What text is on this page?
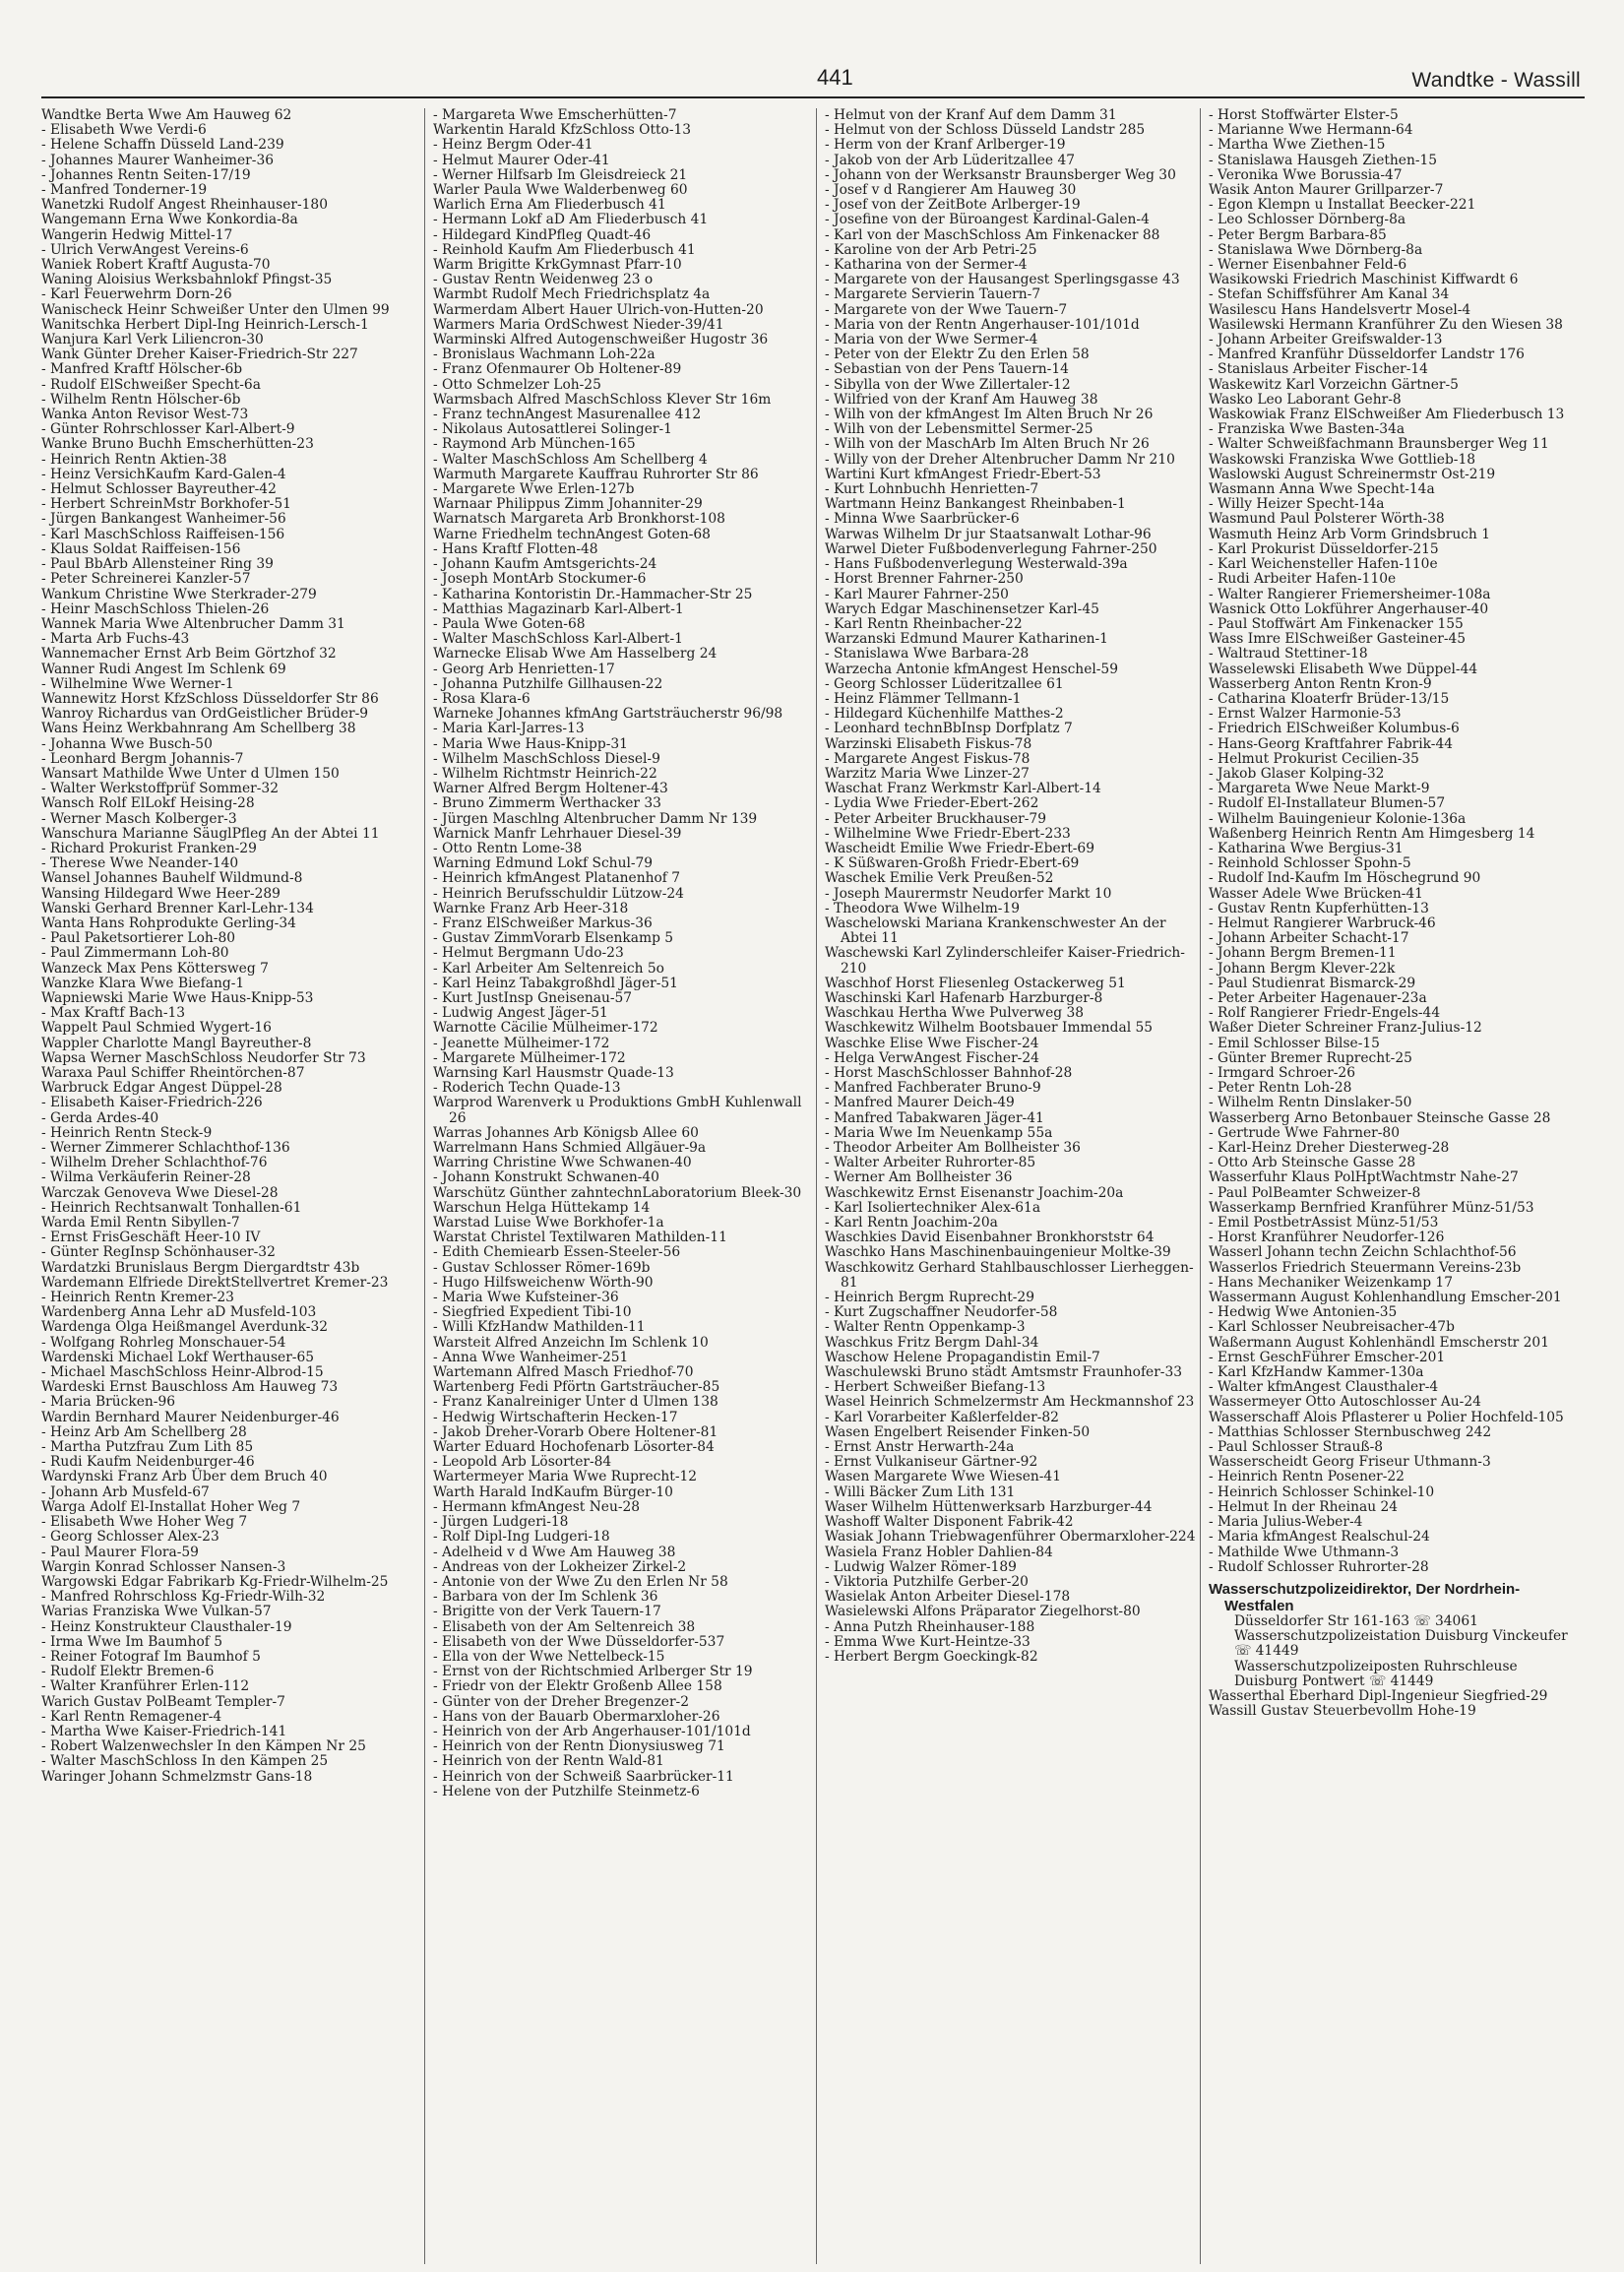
441	Wandtke - Wassill
Wandtke Berta Wwe Am Hauweg 62
- Elisabeth Wwe Verdi-6
- Helene Schaffn Düsseld Land-239
- Johannes Maurer Wanheimer-36
- Johannes Rentn Seiten-17/19
- Manfred Tonderner-19
Wanetzki Rudolf Angest Rheinhauser-180
Wangemann Erna Wwe Konkordia-8a
Wangerin Hedwig Mittel-17
- Ulrich VerwAngest Vereins-6
Waniek Robert Kraftf Augusta-70
Waning Aloisius Werksbahnlokf Pfingst-35
- Karl Feuerwehrm Dorn-26
Wanischeck Heinr Schweißer Unter den Ulmen 99
Wanitschka Herbert Dipl-Ing Heinrich-Lersch-1
Wanjura Karl Verk Liliencron-30
Wank Günter Dreher Kaiser-Friedrich-Str 227
- Manfred Kraftf Hölscher-6b
- Rudolf ElSchweißer Specht-6a
- Wilhelm Rentn Hölscher-6b
Wanka Anton Revisor West-73
- Günter Rohrschlosser Karl-Albert-9
Wanke Bruno Buchh Emscherhütten-23
- Heinrich Rentn Aktien-38
- Heinz VersichKaufm Kard-Galen-4
- Helmut Schlosser Bayreuther-42
- Herbert SchreinMstr Borkhofer-51
- Jürgen Bankangest Wanheimer-56
- Karl MaschSchloss Raiffeisen-156
- Klaus Soldat Raiffeisen-156
- Paul BbArb Allensteiner Ring 39
- Peter Schreinerei Kanzler-57
Wankum Christine Wwe Sterkrader-279
- Heinr MaschSchloss Thielen-26
Wannek Maria Wwe Altenbrucher Damm 31
- Marta Arb Fuchs-43
Wannemacher Ernst Arb Beim Görtzhof 32
Wanner Rudi Angest Im Schlenk 69
- Wilhelmine Wwe Werner-1
Wannewitz Horst KfzSchloss Düsseldorfer Str 86
Wanroy Richardus van OrdGeistlicher Brüder-9
Wans Heinz Werkbahnrang Am Schellberg 38
- Johanna Wwe Busch-50
- Leonhard Bergm Johannis-7
Wansart Mathilde Wwe Unter d Ulmen 150
- Walter Werkstoffprüf Sommer-32
Wansch Rolf ElLokf Heising-28
- Werner Masch Kolberger-3
Wanschura Marianne SäuglPfleg An der Abtei 11
- Richard Prokurist Franken-29
- Therese Wwe Neander-140
Wansel Johannes Bauhelf Wildmund-8
Wansing Hildegard Wwe Heer-289
Wanski Gerhard Brenner Karl-Lehr-134
Wanta Hans Rohprodukte Gerling-34
- Paul Paketsortierer Loh-80
- Paul Zimmermann Loh-80
Wanzeck Max Pens Köttersweg 7
Wanzke Klara Wwe Biefang-1
Wapniewski Marie Wwe Haus-Knipp-53
- Max Kraftf Bach-13
Wappelt Paul Schmied Wygert-16
Wappler Charlotte Mangl Bayreuther-8
Wapsa Werner MaschSchloss Neudorfer Str 73
Waraxa Paul Schiffer Rheintörchen-87
Warbruck Edgar Angest Düppel-28
- Elisabeth Kaiser-Friedrich-226
- Gerda Ardes-40
- Heinrich Rentn Steck-9
- Werner Zimmerer Schlachthof-136
- Wilhelm Dreher Schlachthof-76
- Wilma Verkäuferin Reiner-28
Warczak Genoveva Wwe Diesel-28
- Heinrich Rechtsanwalt Tonhallen-61
Warda Emil Rentn Sibyllen-7
- Ernst FrisGeschäft Heer-10 IV
- Günter RegInsp Schönhauser-32
Wardatzki Brunislaus Bergm Diergardtstr 43b
Wardemann Elfriede DirektStellvertret Kremer-23
- Heinrich Rentn Kremer-23
Wardenberg Anna Lehr aD Musfeld-103
Wardenga Olga Heißmangel Averdunk-32
- Wolfgang Rohrleg Monschauer-54
Wardenski Michael Lokf Werthauser-65
- Michael MaschSchloss Heinr-Albrod-15
Wardeski Ernst Bauschloss Am Hauweg 73
- Maria Brücken-96
Wardin Bernhard Maurer Neidenburger-46
- Heinz Arb Am Schellberg 28
- Martha Putzfrau Zum Lith 85
- Rudi Kaufm Neidenburger-46
Wardynski Franz Arb Über dem Bruch 40
- Johann Arb Musfeld-67
Warga Adolf El-Installat Hoher Weg 7
- Elisabeth Wwe Hoher Weg 7
- Georg Schlosser Alex-23
- Paul Maurer Flora-59
Wargin Konrad Schlosser Nansen-3
Wargowski Edgar Fabrikarb Kg-Friedr-Wilhelm-25
- Manfred Rohrschloss Kg-Friedr-Wilh-32
Warias Franziska Wwe Vulkan-57
- Heinz Konstrukteur Clausthaler-19
- Irma Wwe Im Baumhof 5
- Reiner Fotograf Im Baumhof 5
- Rudolf Elektr Bremen-6
- Walter Kranführer Erlen-112
Warich Gustav PolBeamt Templer-7
- Karl Rentn Remagener-4
- Martha Wwe Kaiser-Friedrich-141
- Robert Walzenwechsler In den Kämpen Nr 25
- Walter MaschSchloss In den Kämpen 25
Waringer Johann Schmelzmstr Gans-18
- Margareta Wwe Emscherhütten-7
Warkentin Harald KfzSchloss Otto-13
- Heinz Bergm Oder-41
- Helmut Maurer Oder-41
- Werner Hilfsarb Im Gleisdreieck 21
Warler Paula Wwe Walderbenweg 60
Warlich Erna Am Fliederbusch 41
- Hermann Lokf aD Am Fliederbusch 41
- Hildegard KindPfleg Quadt-46
- Reinhold Kaufm Am Fliederbusch 41
Warm Brigitte KrkGymnast Pfarr-10
- Gustav Rentn Weidenweg 23 o
Warmbt Rudolf Mech Friedrichsplatz 4a
Warmerdam Albert Hauer Ulrich-von-Hutten-20
Warmers Maria OrdSchwest Nieder-39/41
Warminski Alfred Autogenschweißer Hugostr 36
- Bronislaus Wachmann Loh-22a
- Franz Ofenmaurer Ob Holtener-89
- Otto Schmelzer Loh-25
Warmsbach Alfred MaschSchloss Klever Str 16m
- Franz technAngest Masurenallee 412
- Nikolaus Autosattlerei Solinger-1
- Raymond Arb München-165
- Walter MaschSchloss Am Schellberg 4
Warmuth Margarete Kauffrau Ruhrorter Str 86
- Margarete Wwe Erlen-127b
Warnaar Philippus Zimm Johanniter-29
Warnatsch Margareta Arb Bronkhorst-108
Warne Friedhelm technAngest Goten-68
- Hans Kraftf Flotten-48
- Johann Kaufm Amtsgerichts-24
- Joseph MontArb Stockumer-6
- Katharina Kontoristin Dr.-Hammacher-Str 25
- Matthias Magazinarb Karl-Albert-1
- Paula Wwe Goten-68
- Walter MaschSchloss Karl-Albert-1
Warnecke Elisab Wwe Am Hasselberg 24
- Georg Arb Henrietten-17
- Johanna Putzhilfe Gillhausen-22
- Rosa Klara-6
Warneke Johannes kfmAng Gartsträucherstr 96/98
- Maria Karl-Jarres-13
- Maria Wwe Haus-Knipp-31
- Wilhelm MaschSchloss Diesel-9
- Wilhelm Richtmstr Heinrich-22
Warner Alfred Bergm Holtener-43
- Bruno Zimmerm Werthacker 33
- Jürgen Maschlng Altenbrucher Damm Nr 139
Warnick Manfr Lehrhauer Diesel-39
- Otto Rentn Lome-38
Warning Edmund Lokf Schul-79
- Heinrich kfmAngest Platanenhof 7
- Heinrich Berufsschuldir Lützow-24
Warnke Franz Arb Heer-318
- Franz ElSchweißer Markus-36
- Gustav ZimmVorarb Elsenkamp 5
- Helmut Bergmann Udo-23
- Karl Arbeiter Am Seltenreich 5o
- Karl Heinz Tabakgroßhdl Jäger-51
- Kurt JustInsp Gneisenau-57
- Ludwig Angest Jäger-51
Warnotte Cäcilie Mülheimer-172
- Jeanette Mülheimer-172
- Margarete Mülheimer-172
Warnsing Karl Hausmstr Quade-13
- Roderich Techn Quade-13
Warprod Warenverk u Produktions GmbH Kuhlenwall 26
Warras Johannes Arb Königsb Allee 60
Warrelmann Hans Schmied Allgäuer-9a
Warring Christine Wwe Schwanen-40
- Johann Konstrukt Schwanen-40
Warschütz Günther zahntechnLaboratorium Bleek-30
Warschun Helga Hüttekamp 14
Warstad Luise Wwe Borkhofer-1a
Warstat Christel Textilwaren Mathilden-11
- Edith Chemiearb Essen-Steeler-56
- Gustav Schlosser Römer-169b
- Hugo Hilfsweichenw Wörth-90
- Maria Wwe Kufsteiner-36
- Siegfried Expedient Tibi-10
- Willi KfzHandw Mathilden-11
Warsteit Alfred Anzeichn Im Schlenk 10
- Anna Wwe Wanheimer-251
Wartemann Alfred Masch Friedhof-70
Wartenberg Fedi Pförtn Gartsträucher-85
- Franz Kanalreiniger Unter d Ulmen 138
- Hedwig Wirtschafterin Hecken-17
- Jakob Dreher-Vorarb Obere Holtener-81
Warter Eduard Hochofenarb Lösorter-84
- Leopold Arb Lösorter-84
Wartermeyer Maria Wwe Ruprecht-12
Warth Harald IndKaufm Bürger-10
- Hermann kfmAngest Neu-28
- Jürgen Ludgeri-18
- Rolf Dipl-Ing Ludgeri-18
- Adelheid v d Wwe Am Hauweg 38
- Andreas von der Lokheizer Zirkel-2
- Antonie von der Wwe Zu den Erlen Nr 58
- Barbara von der Im Schlenk 36
- Brigitte von der Verk Tauern-17
- Elisabeth von der Am Seltenreich 38
- Elisabeth von der Wwe Düsseldorfer-537
- Ella von der Wwe Nettelbeck-15
- Ernst von der Richtschmied Arlberger Str 19
- Friedr von der Elektr Großenb Allee 158
- Günter von der Dreher Bregenzer-2
- Hans von der Bauarb Obermarxloher-26
- Heinrich von der Arb Angerhauser-101/101d
- Heinrich von der Rentn Dionysiusweg 71
- Heinrich von der Rentn Wald-81
- Heinrich von der Schweiß Saarbrücker-11
- Helene von der Putzhilfe Steinmetz-6
- Helmut von der Kranf Auf dem Damm 31
- Helmut von der Schloss Düsseld Landstr 285
- Herm von der Kranf Arlberger-19
- Jakob von der Arb Lüderitzallee 47
- Johann von der Werksanstr Braunsberger Weg 30
- Josef v d Rangierer Am Hauweg 30
- Josef von der ZeitBote Arlberger-19
- Josefine von der Büroangest Kardinal-Galen-4
- Karl von der MaschSchloss Am Finkenacker 88
- Karoline von der Arb Petri-25
- Katharina von der Sermer-4
- Margarete von der Hausangest Sperlingsgasse 43
- Margarete Servierin Tauern-7
- Margarete von der Wwe Tauern-7
- Maria von der Rentn Angerhauser-101/101d
- Maria von der Wwe Sermer-4
- Peter von der Elektr Zu den Erlen 58
- Sebastian von der Pens Tauern-14
- Sibylla von der Wwe Zillertaler-12
- Wilfried von der Kranf Am Hauweg 38
- Wilh von der kfmAngest Im Alten Bruch Nr 26
- Wilh von der Lebensmittel Sermer-25
- Wilh von der MaschArb Im Alten Bruch Nr 26
- Willy von der Dreher Altenbrucher Damm Nr 210
Wartini Kurt kfmAngest Friedr-Ebert-53
- Kurt Lohnbuchh Henrietten-7
Wartmann Heinz Bankangest Rheinbaben-1
- Minna Wwe Saarbrücker-6
Warwas Wilhelm Dr jur Staatsanwalt Lothar-96
Warwel Dieter Fußbodenverlegung Fahrner-250
- Hans Fußbodenverlegung Westerwald-39a
- Horst Brenner Fahrner-250
- Karl Maurer Fahrner-250
Warych Edgar Maschinensetzer Karl-45
- Karl Rentn Rheinbacher-22
Warzanski Edmund Maurer Katharinen-1
- Stanislawa Wwe Barbara-28
Warzecha Antonie kfmAngest Henschel-59
- Georg Schlosser Lüderitzallee 61
- Heinz Flämmer Tellmann-1
- Hildegard Küchenhilfe Matthes-2
- Leonhard technBbInsp Dorfplatz 7
Warzinski Elisabeth Fiskus-78
- Margarete Angest Fiskus-78
Warzitz Maria Wwe Linzer-27
Waschat Franz Werkmstr Karl-Albert-14
- Lydia Wwe Frieder-Ebert-262
- Peter Arbeiter Bruckhauser-79
- Wilhelmine Wwe Friedr-Ebert-233
Wascheidt Emilie Wwe Friedr-Ebert-69
- K Süßwaren-Großh Friedr-Ebert-69
Waschek Emilie Verk Preußen-52
- Joseph Maurermstr Neudorfer Markt 10
- Theodora Wwe Wilhelm-19
Waschelowski Mariana Krankenschwester An der Abtei 11
Waschewski Karl Zylinderschleifer Kaiser-Friedrich-210
Waschhof Horst Fliesenleg Ostackerweg 51
Waschinski Karl Hafenarb Harzburger-8
Waschkau Hertha Wwe Pulverweg 38
Waschkewitz Wilhelm Bootsbauer Immendal 55
Waschke Elise Wwe Fischer-24
- Helga VerwAngest Fischer-24
- Horst MaschSchlosser Bahnhof-28
- Manfred Fachberater Bruno-9
- Manfred Maurer Deich-49
- Manfred Tabakwaren Jäger-41
- Maria Wwe Im Neuenkamp 55a
- Theodor Arbeiter Am Bollheister 36
- Walter Arbeiter Ruhrorter-85
- Werner Am Bollheister 36
Waschkewitz Ernst Eisenanstr Joachim-20a
- Karl Isoliertechniker Alex-61a
- Karl Rentn Joachim-20a
Waschkies David Eisenbahner Bronkhorststr 64
Waschko Hans Maschinenbauingenieur Moltke-39
Waschkowitz Gerhard Stahlbauschlosser Lierheggen-81
- Heinrich Bergm Ruprecht-29
- Kurt Zugschaffner Neudorfer-58
- Walter Rentn Oppenkamp-3
Waschkus Fritz Bergm Dahl-34
Waschow Helene Propagandistin Emil-7
Waschulewski Bruno städt Amtsmstr Fraunhofer-33
- Herbert Schweißer Biefang-13
Wasel Heinrich Schmelzermstr Am Heckmannshof 23
- Karl Vorarbeiter Kaßlerfelder-82
Wasen Engelbert Reisender Finken-50
- Ernst Anstr Herwarth-24a
- Ernst Vulkaniseur Gärtner-92
Wasen Margarete Wwe Wiesen-41
- Willi Bäcker Zum Lith 131
Waser Wilhelm Hüttenwerksarb Harzburger-44
Washoff Walter Disponent Fabrik-42
Wasiak Johann Triebwagenführer Obermarxloher-224
Wasiela Franz Hobler Dahlien-84
- Ludwig Walzer Römer-189
- Viktoria Putzhilfe Gerber-20
Wasielak Anton Arbeiter Diesel-178
Wasielewski Alfons Präparator Ziegelhorst-80
- Anna Putzh Rheinhauser-188
- Emma Wwe Kurt-Heintze-33
- Herbert Bergm Goeckingk-82
- Horst Stoffwärter Elster-5
- Marianne Wwe Hermann-64
- Martha Wwe Ziethen-15
- Stanislawa Hausgeh Ziethen-15
- Veronika Wwe Borussia-47
Wasik Anton Maurer Grillparzer-7
- Egon Klempn u Installat Beecker-221
- Leo Schlosser Dörnberg-8a
- Peter Bergm Barbara-85
- Stanislawa Wwe Dörnberg-8a
- Werner Eisenbahner Feld-6
Wasikowski Friedrich Maschinist Kiffwardt 6
- Stefan Schiffsführer Am Kanal 34
Wasilescu Hans Handelsvertr Mosel-4
Wasilewski Hermann Kranführer Zu den Wiesen 38
- Johann Arbeiter Greifswalder-13
- Manfred Kranführ Düsseldorfer Landstr 176
- Stanislaus Arbeiter Fischer-14
Waskewitz Karl Vorzeichn Gärtner-5
Wasko Leo Laborant Gehr-8
Waskowiak Franz ElSchweißer Am Fliederbusch 13
- Franziska Wwe Basten-34a
- Walter Schweißfachmann Braunsberger Weg 11
Waskowski Franziska Wwe Gottlieb-18
Waslowski August Schreinermstr Ost-219
Wasmann Anna Wwe Specht-14a
- Willy Heizer Specht-14a
Wasmund Paul Polsterer Wörth-38
Wasmuth Heinz Arb Vorm Grindsbruch 1
- Karl Prokurist Düsseldorfer-215
- Karl Weichensteller Hafen-110e
- Rudi Arbeiter Hafen-110e
- Walter Rangierer Friemersheimer-108a
Wasnick Otto Lokführer Angerhauser-40
- Paul Stoffwärt Am Finkenacker 155
Wass Imre ElSchweißer Gasteiner-45
- Waltraud Stettiner-18
Wasselewski Elisabeth Wwe Düppel-44
Wasserberg Anton Rentn Kron-9
- Catharina Kloaterfr Brüder-13/15
- Ernst Walzer Harmonie-53
- Friedrich ElSchweißer Kolumbus-6
- Hans-Georg Kraftfahrer Fabrik-44
- Helmut Prokurist Cecilien-35
- Jakob Glaser Kolping-32
- Margareta Wwe Neue Markt-9
- Rudolf El-Installateur Blumen-57
- Wilhelm Bauingenieur Kolonie-136a
Waßenberg Heinrich Rentn Am Himgesberg 14
- Katharina Wwe Bergius-31
- Reinhold Schlosser Spohn-5
- Rudolf Ind-Kaufm Im Höschegrund 90
Wasser Adele Wwe Brücken-41
- Gustav Rentn Kupferhütten-13
- Helmut Rangierer Warbruck-46
- Johann Arbeiter Schacht-17
- Johann Bergm Bremen-11
- Johann Bergm Klever-22k
- Paul Studienrat Bismarck-29
- Peter Arbeiter Hagenauer-23a
- Rolf Rangierer Friedr-Engels-44
Waßer Dieter Schreiner Franz-Julius-12
- Emil Schlosser Bilse-15
- Günter Bremer Ruprecht-25
- Irmgard Schroer-26
- Peter Rentn Loh-28
- Wilhelm Rentn Dinslaker-50
Wasserberg Arno Betonbauer Steinsche Gasse 28
- Gertrude Wwe Fahrner-80
- Karl-Heinz Dreher Diesterweg-28
- Otto Arb Steinsche Gasse 28
Wasserfuhr Klaus PolHptWachtmstr Nahe-27
- Paul PolBeamter Schweizer-8
Wasserkamp Bernfried Kranführer Münz-51/53
- Emil PostbetrAssist Münz-51/53
- Horst Kranführer Neudorfer-126
Wasserl Johann techn Zeichn Schlachthof-56
Wasserlos Friedrich Steuermann Vereins-23b
- Hans Mechaniker Weizenkamp 17
Wassermann August Kohlenhandlung Emscher-201
- Hedwig Wwe Antonien-35
- Karl Schlosser Neubreisacher-47b
Waßermann August Kohlenhändl Emscherstr 201
- Ernst GeschFührer Emscher-201
- Karl KfzHandw Kammer-130a
- Walter kfmAngest Clausthaler-4
Wassermeyer Otto Autoschlosser Au-24
Wasserschaff Alois Pflasterer u Polier Hochfeld-105
- Matthias Schlosser Sternbuschweg 242
- Paul Schlosser Strauß-8
Wasserscheidt Georg Friseur Uthmann-3
- Heinrich Rentn Posener-22
- Heinrich Schlosser Schinkel-10
- Helmut In der Rheinau 24
- Maria Julius-Weber-4
- Maria kfmAngest Realschul-24
- Mathilde Wwe Uthmann-3
- Rudolf Schlosser Ruhrorter-28
Wasserschutzpolizeidirektor, Der Nordrhein-Westfalen
Düsseldorfer Str 161-163 ☏ 34061
Wasserschutzpolizeistation Duisburg Vinckeufer ☏ 41449
Wasserschutzpolizeiposten Ruhrschleuse Duisburg Pontwert ☏ 41449
Wasserthal Eberhard Dipl-Ingenieur Siegfried-29
Wassill Gustav Steuerbevollm Hohe-19
